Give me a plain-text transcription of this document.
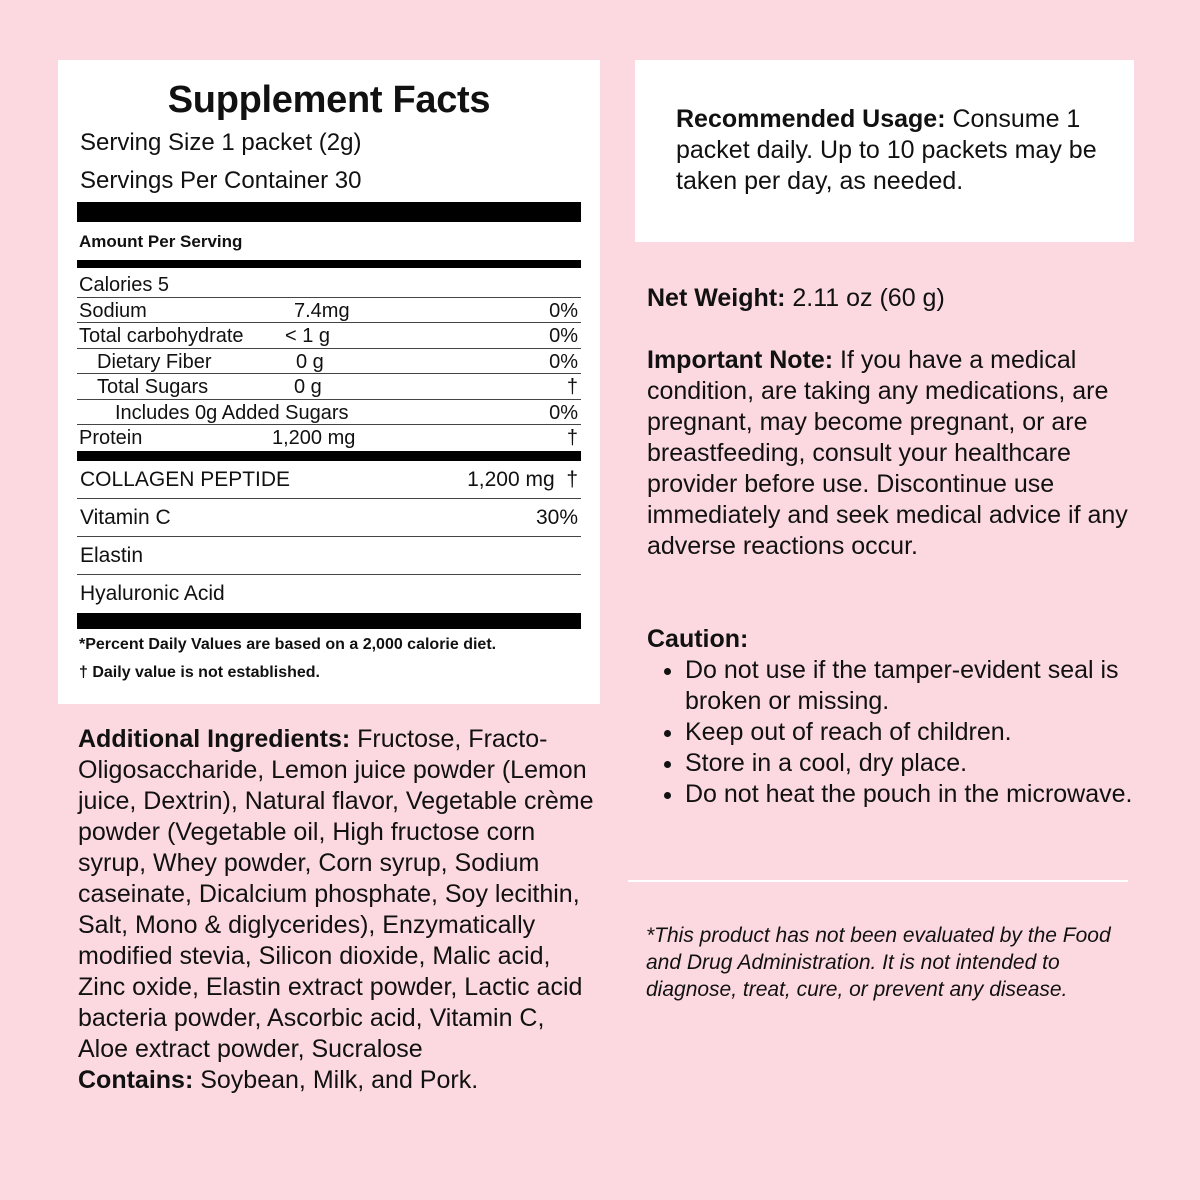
Supplement Facts
Serving Size 1 packet (2g)
Servings Per Container 30
Amount Per Serving
Calories 5
Sodium	7.4mg	0%
Total carbohydrate < 1 g	0%
Dietary Fiber	0 g	0%
Total Sugars	0 g	†
Includes 0g Added Sugars	0%
Protein	1,200 mg	†
COLLAGEN PEPTIDE	1,200 mg  †
Vitamin C	30%
Elastin
Hyaluronic Acid
*Percent Daily Values are based on a 2,000 calorie diet.
† Daily value is not established.
Recommended Usage: Consume 1 packet daily. Up to 10 packets may be taken per day, as needed.
Net Weight: 2.11 oz (60 g)
Important Note: If you have a medical condition, are taking any medications, are pregnant, may become pregnant, or are breastfeeding, consult your healthcare provider before use. Discontinue use immediately and seek medical advice if any adverse reactions occur.
Caution:
• Do not use if the tamper-evident seal is broken or missing.
• Keep out of reach of children.
• Store in a cool, dry place.
• Do not heat the pouch in the microwave.
*This product has not been evaluated by the Food and Drug Administration. It is not intended to diagnose, treat, cure, or prevent any disease.
Additional Ingredients: Fructose, Fracto-Oligosaccharide, Lemon juice powder (Lemon juice, Dextrin), Natural flavor, Vegetable crème powder (Vegetable oil, High fructose corn syrup, Whey powder, Corn syrup, Sodium caseinate, Dicalcium phosphate, Soy lecithin, Salt, Mono & diglycerides), Enzymatically modified stevia, Silicon dioxide, Malic acid, Zinc oxide, Elastin extract powder, Lactic acid bacteria powder, Ascorbic acid, Vitamin C, Aloe extract powder, Sucralose
Contains: Soybean, Milk, and Pork.
